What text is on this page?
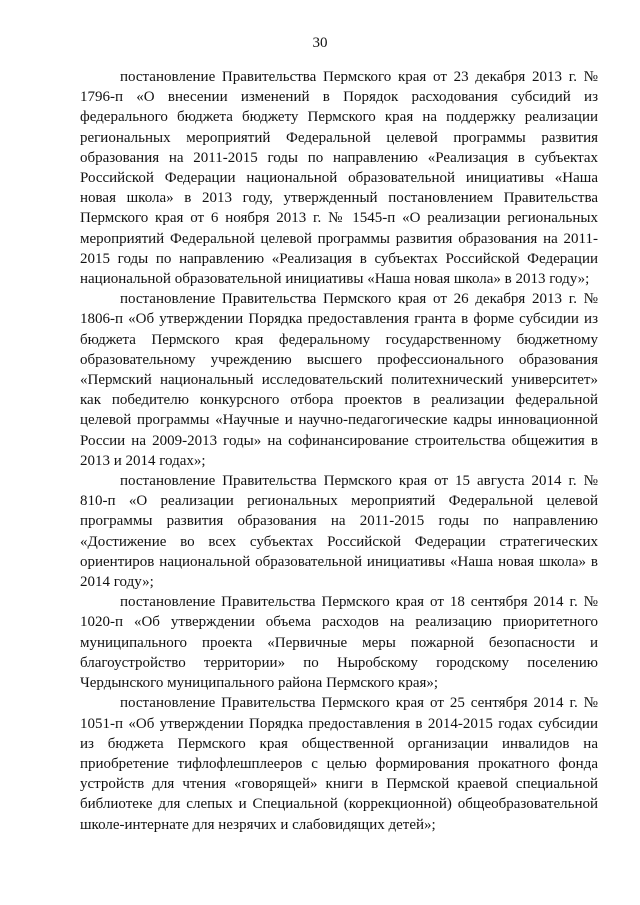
30

постановление Правительства Пермского края от 23 декабря 2013 г. № 1796-п «О внесении изменений в Порядок расходования субсидий из федерального бюджета бюджету Пермского края на поддержку реализации региональных мероприятий Федеральной целевой программы развития образования на 2011-2015 годы по направлению «Реализация в субъектах Российской Федерации национальной образовательной инициативы «Наша новая школа» в 2013 году, утвержденный постановлением Правительства Пермского края от 6 ноября 2013 г. № 1545-п «О реализации региональных мероприятий Федеральной целевой программы развития образования на 2011-2015 годы по направлению «Реализация в субъектах Российской Федерации национальной образовательной инициативы «Наша новая школа» в 2013 году»;

постановление Правительства Пермского края от 26 декабря 2013 г. № 1806-п «Об утверждении Порядка предоставления гранта в форме субсидии из бюджета Пермского края федеральному государственному бюджетному образовательному учреждению высшего профессионального образования «Пермский национальный исследовательский политехнический университет» как победителю конкурсного отбора проектов в реализации федеральной целевой программы «Научные и научно-педагогические кадры инновационной России на 2009-2013 годы» на софинансирование строительства общежития в 2013 и 2014 годах»;

постановление Правительства Пермского края от 15 августа 2014 г. № 810-п «О реализации региональных мероприятий Федеральной целевой программы развития образования на 2011-2015 годы по направлению «Достижение во всех субъектах Российской Федерации стратегических ориентиров национальной образовательной инициативы «Наша новая школа» в 2014 году»;

постановление Правительства Пермского края от 18 сентября 2014 г. № 1020-п «Об утверждении объема расходов на реализацию приоритетного муниципального проекта «Первичные меры пожарной безопасности и благоустройство территории» по Ныробскому городскому поселению Чердынского муниципального района Пермского края»;

постановление Правительства Пермского края от 25 сентября 2014 г. № 1051-п «Об утверждении Порядка предоставления в 2014-2015 годах субсидии из бюджета Пермского края общественной организации инвалидов на приобретение тифлофлешплееров с целью формирования прокатного фонда устройств для чтения «говорящей» книги в Пермской краевой специальной библиотеке для слепых и Специальной (коррекционной) общеобразовательной школе-интернате для незрячих и слабовидящих детей»;
